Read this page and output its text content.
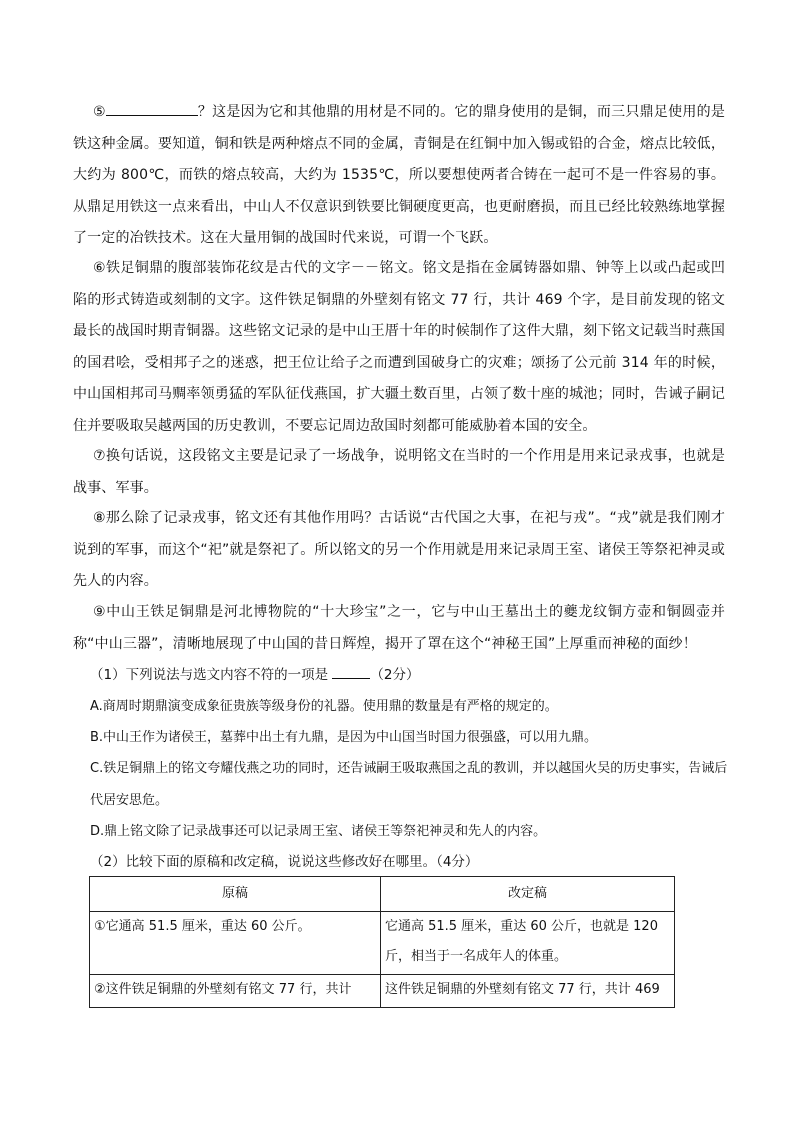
⑤	？这是因为它和其他鼎的用材是不同的。它的鼎身使用的是铜，而三只鼎足使用的是铁这种金属。要知道，铜和铁是两种熔点不同的金属，青铜是在红铜中加入锡或铅的合金，熔点比较低，大约为 800℃，而铁的熔点较高，大约为 1535℃，所以要想使两者合铸在一起可不是一件容易的事。从鼎足用铁这一点来看出，中山人不仅意识到铁要比铜硬度更高，也更耐磨损，而且已经比较熟练地掌握了一定的冶铁技术。这在大量用铜的战国时代来说，可谓一个飞跃。

⑥铁足铜鼎的腹部装饰花纹是古代的文字－－铭文。铭文是指在金属铸器如鼎、钟等上以或凸起或凹陷的形式铸造或刻制的文字。这件铁足铜鼎的外壁刻有铭文 77 行，共计 469 个字，是目前发现的铭文最长的战国时期青铜器。这些铭文记录的是中山王厝十年的时候制作了这件大鼎，刻下铭文记载当时燕国的国君哙，受相邦子之的迷惑，把王位让给子之而遭到国破身亡的灾难；颂扬了公元前 314 年的时候，中山国相邦司马赒率领勇猛的军队征伐燕国，扩大疆土数百里，占领了数十座的城池；同时，告诫子嗣记住并要吸取吴越两国的历史教训，不要忘记周边敌国时刻都可能威胁着本国的安全。

⑦换句话说，这段铭文主要是记录了一场战争，说明铭文在当时的一个作用是用来记录戎事，也就是战事、军事。

⑧那么除了记录戎事，铭文还有其他作用吗？古话说“古代国之大事，在祀与戎”。“戎”就是我们刚才说到的军事，而这个“祀”就是祭祀了。所以铭文的另一个作用就是用来记录周王室、诸侯王等祭祀神灵或先人的内容。

⑨中山王铁足铜鼎是河北博物院的“十大珍宝”之一，它与中山王墓出土的夔龙纹铜方壶和铜圆壶并称“中山三器”，清晰地展现了中山国的昔日辉煌，揭开了罩在这个“神秘王国”上厚重而神秘的面纱！

（1）下列说法与选文内容不符的一项是	（2分）

A.商周时期鼎演变成象征贵族等级身份的礼器。使用鼎的数量是有严格的规定的。

B.中山王作为诸侯王，墓葬中出土有九鼎，是因为中山国当时国力很强盛，可以用九鼎。

C.铁足铜鼎上的铭文夸耀伐燕之功的同时，还告诫嗣王吸取燕国之乱的教训，并以越国火吴的历史事实，告诫后代居安思危。

D.鼎上铭文除了记录战事还可以记录周王室、诸侯王等祭祀神灵和先人的内容。

（2）比较下面的原稿和改定稿，说说这些修改好在哪里。（4分）

原稿	改定稿
①它通高 51.5 厘米，重达 60 公斤。	它通高 51.5 厘米，重达 60 公斤，也就是 120 斤，相当于一名成年人的体重。
②这件铁足铜鼎的外壁刻有铭文 77 行，共计	这件铁足铜鼎的外壁刻有铭文 77 行，共计 469
